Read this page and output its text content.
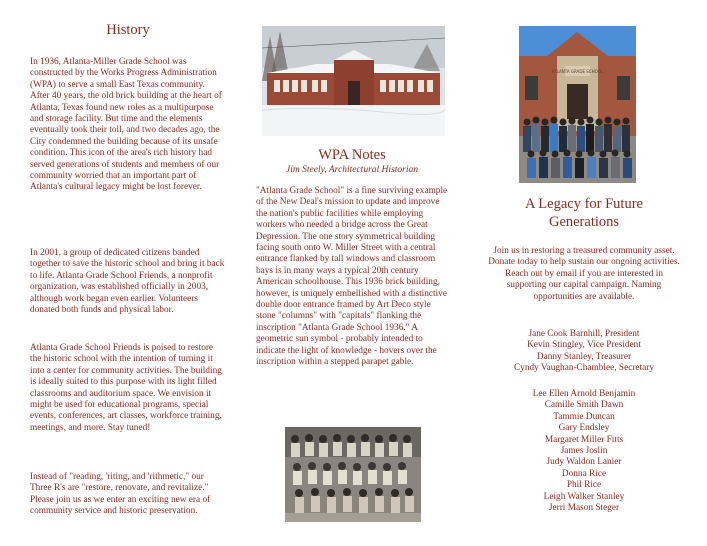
History

In 1936, Atlanta-Miller Grade School was constructed by the Works Progress Administration (WPA) to serve a small East Texas community. After 40 years, the old brick building at the heart of Atlanta, Texas found new roles as a multipurpose and storage facility. But time and the elements eventually took their toll, and two decades ago, the City condemned the building because of its unsafe condition. This icon of the area's rich history had served generations of students and members of our community worried that an important part of Atlanta's cultural legacy might be lost forever.

In 2001, a group of dedicated citizens banded together to save the historic school and bring it back to life. Atlanta Grade School Friends, a nonprofit organization, was established officially in 2003, although work began even earlier. Volunteers donated both funds and physical labor.

Atlanta Grade School Friends is poised to restore the historic school with the intention of turning it into a center for community activities. The building is ideally suited to this purpose with its light filled classrooms and auditorium space. We envision it might be used for educational programs, special events, conferences, art classes, workforce training, meetings, and more. Stay tuned!

Instead of "reading, 'riting, and 'rithmetic," our Three R's are "restore, renovate, and revitalize." Please join us as we enter an exciting new era of community service and historic preservation.

WPA Notes
Jim Steely, Architectural Historian

"Atlanta Grade School" is a fine surviving example of the New Deal's mission to update and improve the nation's public facilities while employing workers who needed a bridge across the Great Depression. The one story symmetrical building facing south onto W. Miller Street with a central entrance flanked by tall windows and classroom bays is in many ways a typical 20th century American schoolhouse. This 1936 brick building, however, is uniquely embellished with a distinctive double door entrance framed by Art Deco style stone "columns" with "capitals" flanking the inscription "Atlanta Grade School 1936." A geometric sun symbol - probably intended to indicate the light of knowledge - hovers over the inscription within a stepped parapet gable.

ATLANTA GRADE SCHOOL
A Legacy for Future
Generations

Join us in restoring a treasured community asset. Donate today to help sustain our ongoing activities. Reach out by email if you are interested in supporting our capital campaign. Naming opportunities are available.

Jane Cook Barnhill, President
Kevin Stingley, Vice President
Danny Stanley, Treasurer
Cyndy Vaughan-Chamblee, Secretary
Lee Ellen Arnold Benjamin
Camille Smith Dawn
Tammie Duncan
Gary Endsley
Margaret Miller Fitts
James Joslin
Judy Waldon Lanier
Donna Rice
Phil Rice
Leigh Walker Stanley
Jerri Mason Steger
